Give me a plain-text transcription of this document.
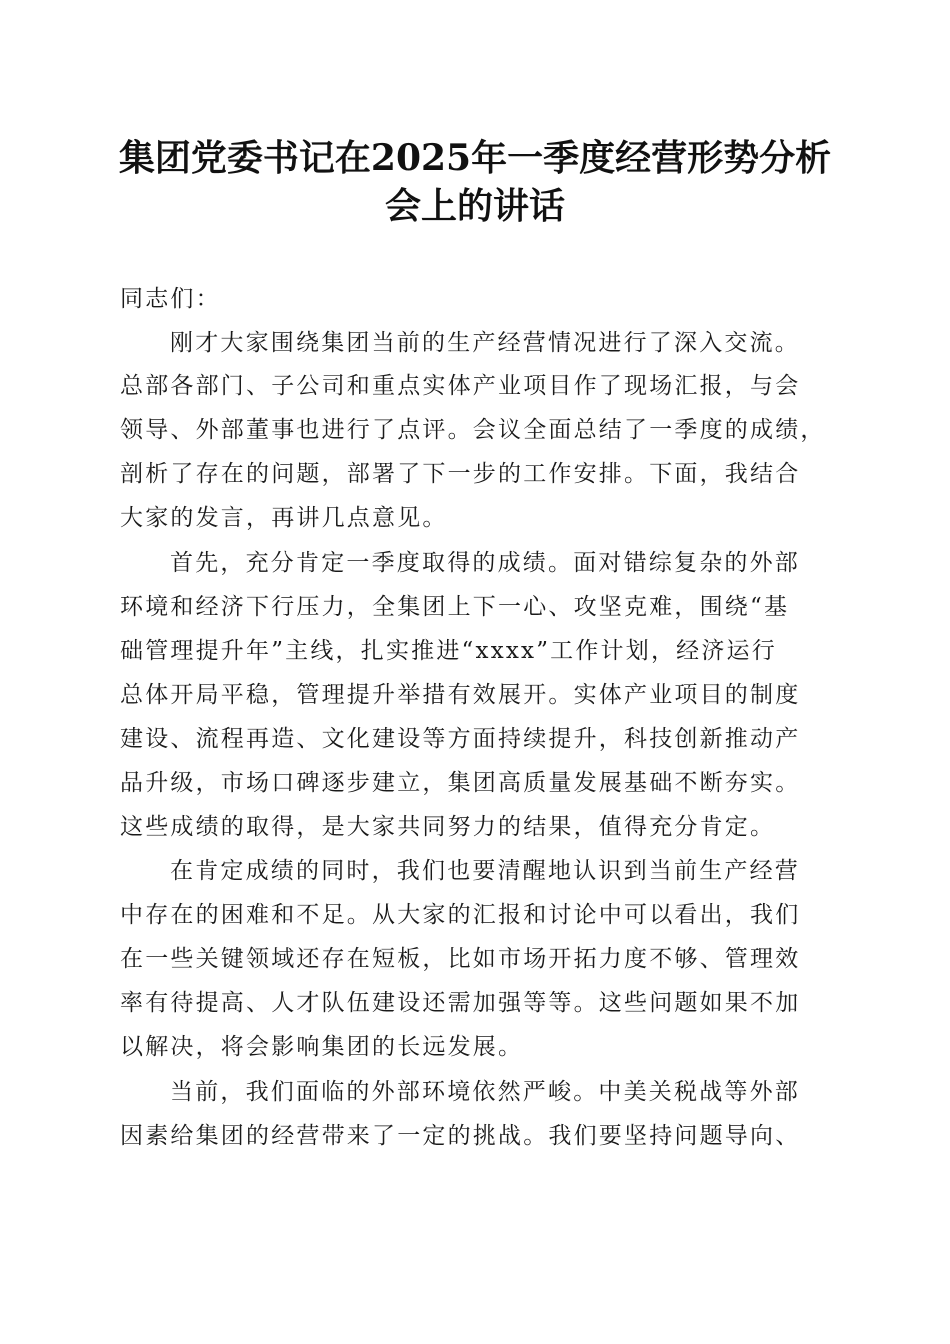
集团党委书记在2025年一季度经营形势分析
会上的讲话
同志们：
刚才大家围绕集团当前的生产经营情况进行了深入交流。
总部各部门、子公司和重点实体产业项目作了现场汇报，与会
领导、外部董事也进行了点评。会议全面总结了一季度的成绩，
剖析了存在的问题，部署了下一步的工作安排。下面，我结合
大家的发言，再讲几点意见。
首先，充分肯定一季度取得的成绩。面对错综复杂的外部
环境和经济下行压力，全集团上下一心、攻坚克难，围绕“基
础管理提升年”主线，扎实推进“xxxx”工作计划，经济运行
总体开局平稳，管理提升举措有效展开。实体产业项目的制度
建设、流程再造、文化建设等方面持续提升，科技创新推动产
品升级，市场口碑逐步建立，集团高质量发展基础不断夯实。
这些成绩的取得，是大家共同努力的结果，值得充分肯定。
在肯定成绩的同时，我们也要清醒地认识到当前生产经营
中存在的困难和不足。从大家的汇报和讨论中可以看出，我们
在一些关键领域还存在短板，比如市场开拓力度不够、管理效
率有待提高、人才队伍建设还需加强等等。这些问题如果不加
以解决，将会影响集团的长远发展。
当前，我们面临的外部环境依然严峻。中美关税战等外部
因素给集团的经营带来了一定的挑战。我们要坚持问题导向、
